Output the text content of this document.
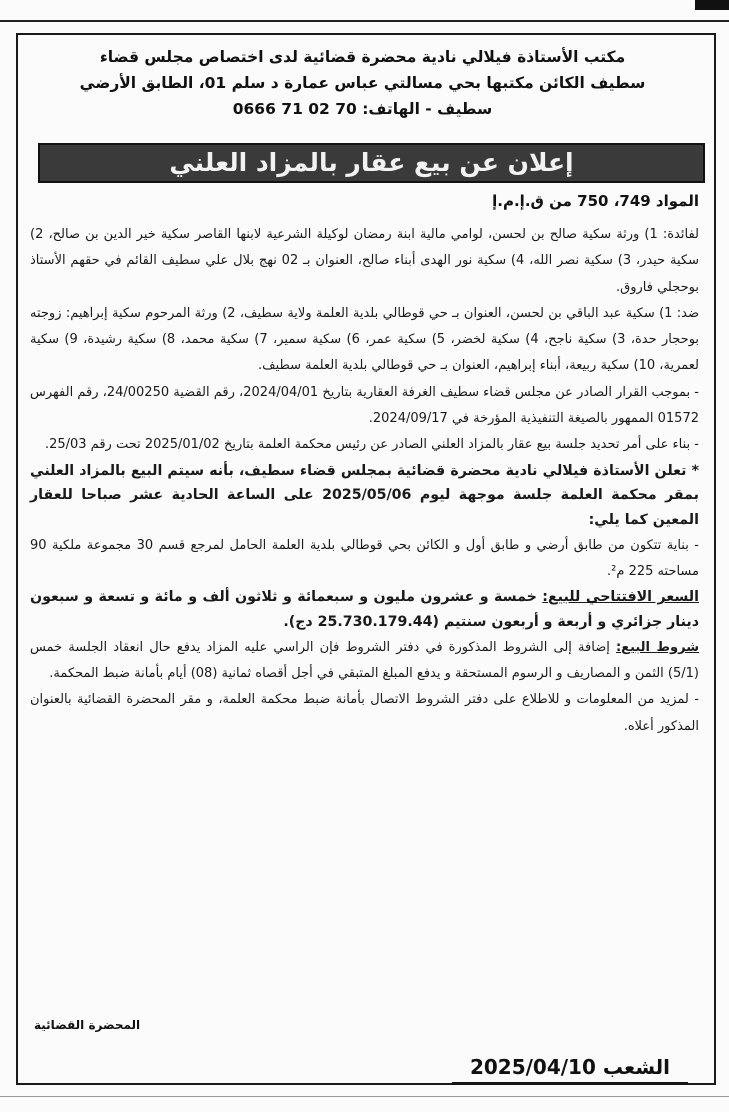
مكتب الأستاذة فيلالي نادية محضرة قضائية لدى اختصاص مجلس قضاء
سطيف الكائن مكتبها بحي مسالتي عباس عمارة د سلم 01، الطابق الأرضي
سطيف - الهاتف: 70 02 71 0666
إعلان عن بيع عقار بالمزاد العلني
المواد 749، 750 من ق.إ.م.إ

لفائدة: 1) ورثة سكية صالح بن لحسن، لوامي مالية ابنة رمضان لوكيلة الشرعية لابنها القاصر سكية خير الدين بن صالح، 2) سكية حيدر، 3) سكية نصر الله، 4) سكية نور الهدى أبناء صالح، العنوان بـ 02 نهج بلال علي سطيف القائم في حقهم الأستاذ بوحجلي فاروق.

ضد: 1) سكية عبد الباقي بن لحسن، العنوان بـ حي قوطالي بلدية العلمة ولاية سطيف، 2) ورثة المرحوم سكية إبراهيم: زوجته بوحجار حدة، 3) سكية ناجح، 4) سكية لخضر، 5) سكية عمر، 6) سكية سمير، 7) سكية محمد، 8) سكية رشيدة، 9) سكية لعمرية، 10) سكية ربيعة، أبناء إبراهيم، العنوان بـ حي قوطالي بلدية العلمة سطيف.

- بموجب القرار الصادر عن مجلس قضاء سطيف الغرفة العقارية بتاريخ 2024/04/01، رقم القضية 24/00250، رقم الفهرس 01572 الممهور بالصيغة التنفيذية المؤرخة في 2024/09/17.

- بناء على أمر تحديد جلسة بيع عقار بالمزاد العلني الصادر عن رئيس محكمة العلمة بتاريخ 2025/01/02 تحت رقم 25/03.

* تعلن الأستاذة فيلالي نادية محضرة قضائية بمجلس قضاء سطيف، بأنه سيتم البيع بالمزاد العلني بمقر محكمة العلمة جلسة موجهة ليوم 2025/05/06 على الساعة الحادية عشر صباحا للعقار المعين كما يلي:

- بناية تتكون من طابق أرضي و طابق أول و الكائن بحي قوطالي بلدية العلمة الحامل لمرجع قسم 30 مجموعة ملكية 90 مساحته 225 م².

السعر الافتتاحي للبيع: خمسة و عشرون مليون و سبعمائة و ثلاثون ألف و مائة و تسعة و سبعون دينار جزائري و أربعة و أربعون سنتيم (25.730.179.44 دج).

شروط البيع: إضافة إلى الشروط المذكورة في دفتر الشروط فإن الراسي عليه المزاد يدفع حال انعقاد الجلسة خمس (5/1) الثمن و المصاريف و الرسوم المستحقة و يدفع المبلغ المتبقي في أجل أقصاه ثمانية (08) أيام بأمانة ضبط المحكمة.

- لمزيد من المعلومات و للاطلاع على دفتر الشروط الاتصال بأمانة ضبط محكمة العلمة، و مقر المحضرة القضائية بالعنوان المذكور أعلاه.

المحضرة القضائية
الشعب 2025/04/10
